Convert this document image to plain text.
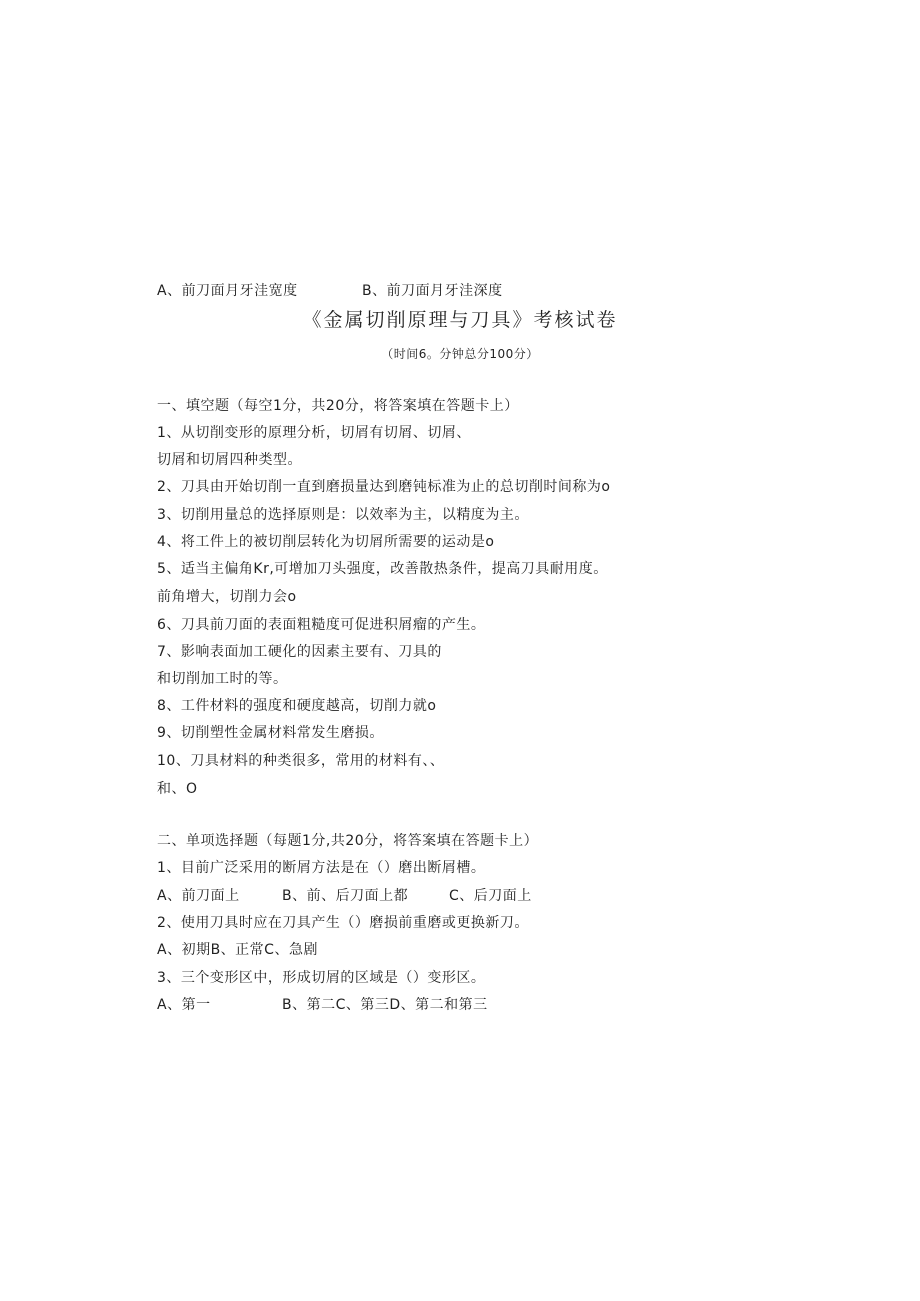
A、前刀面月牙洼宽度	B、前刀面月牙洼深度
《金属切削原理与刀具》考核试卷
（时间6。分钟总分100分）
一、填空题（每空1分，共20分，将答案填在答题卡上）
1、从切削变形的原理分析，切屑有切屑、切屑、
切屑和切屑四种类型。
2、刀具由开始切削一直到磨损量达到磨钝标准为止的总切削时间称为o
3、切削用量总的选择原则是：以效率为主，以精度为主。
4、将工件上的被切削层转化为切屑所需要的运动是o
5、适当主偏角Kr,可增加刀头强度，改善散热条件，提高刀具耐用度。
前角增大，切削力会o
6、刀具前刀面的表面粗糙度可促进积屑瘤的产生。
7、影响表面加工硬化的因素主要有、刀具的
和切削加工时的等。
8、工件材料的强度和硬度越高，切削力就o
9、切削塑性金属材料常发生磨损。
10、刀具材料的种类很多，常用的材料有、、
和、O
二、单项选择题（每题1分,共20分，将答案填在答题卡上）
1、目前广泛采用的断屑方法是在（）磨出断屑槽。
A、前刀面上	B、前、后刀面上都	C、后刀面上
2、使用刀具时应在刀具产生（）磨损前重磨或更换新刀。
A、初期B、正常C、急剧
3、三个变形区中，形成切屑的区域是（）变形区。
A、第一	B、第二C、第三D、第二和第三
